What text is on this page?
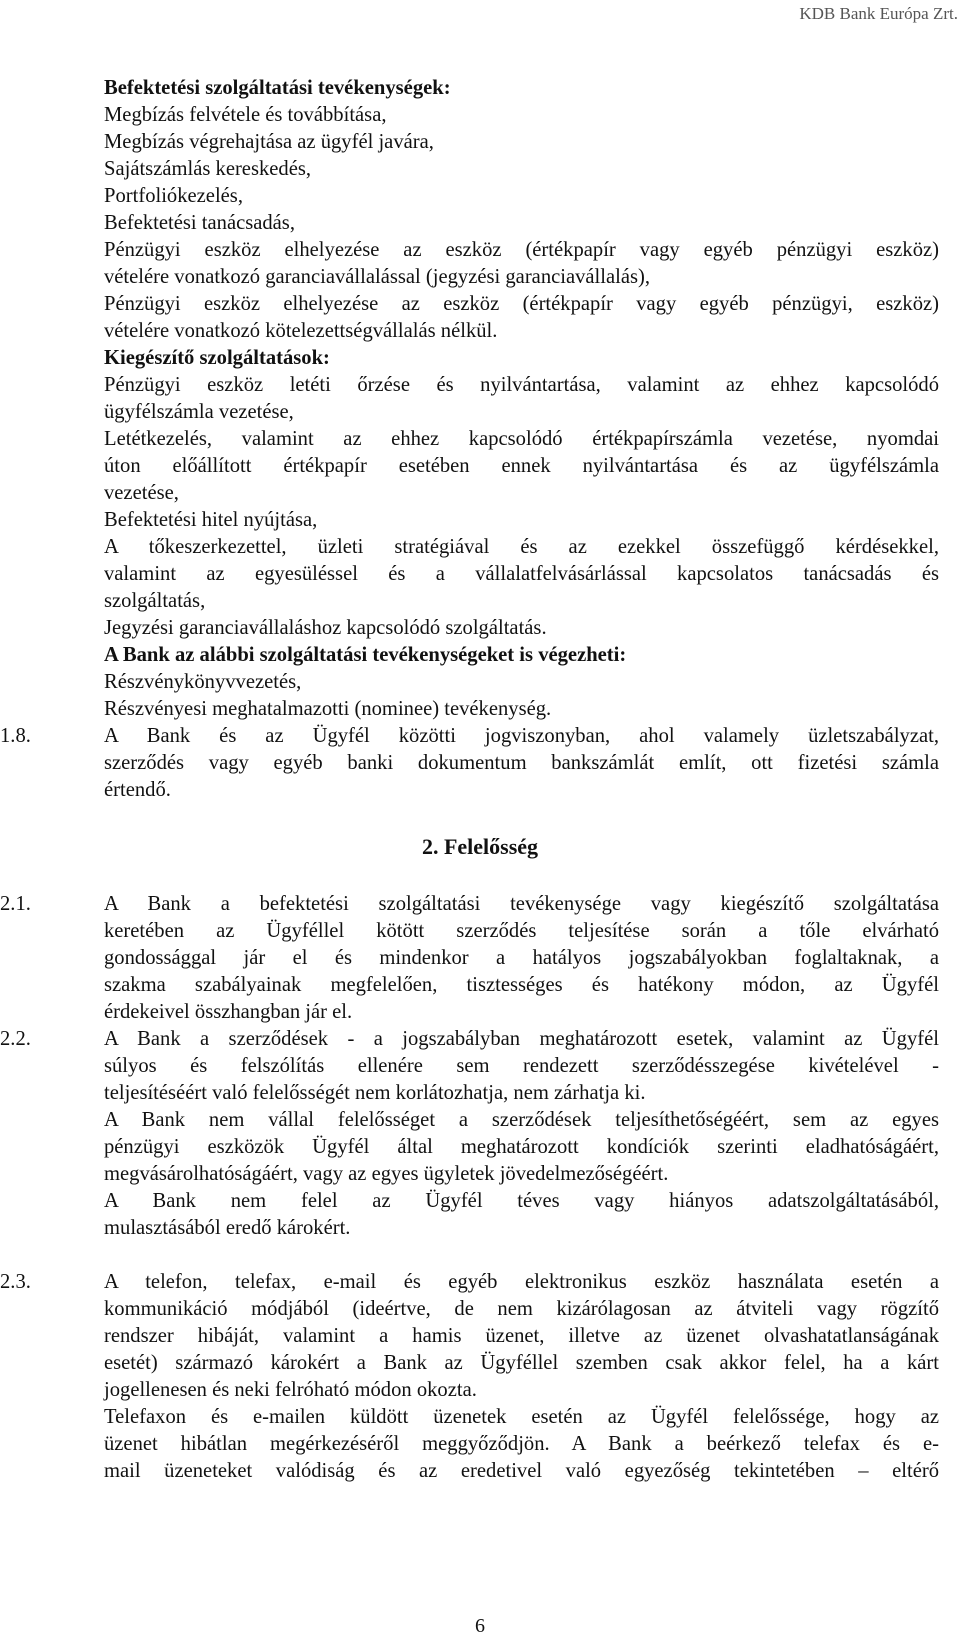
KDB Bank Európa Zrt.
Befektetési szolgáltatási tevékenységek:
Megbízás felvétele és továbbítása,
Megbízás végrehajtása az ügyfél javára,
Sajátszámlás kereskedés,
Portfoliókezelés,
Befektetési tanácsadás,
Pénzügyi eszköz elhelyezése az eszköz (értékpapír vagy egyéb pénzügyi eszköz)
vételére vonatkozó garanciavállalással (jegyzési garanciavállalás),
Pénzügyi eszköz elhelyezése az eszköz (értékpapír vagy egyéb pénzügyi, eszköz)
vételére vonatkozó kötelezettségvállalás nélkül.
Kiegészítő szolgáltatások:
Pénzügyi eszköz letéti őrzése és nyilvántartása, valamint az ehhez kapcsolódó
ügyfélszámla vezetése,
Letétkezelés, valamint az ehhez kapcsolódó értékpapírszámla vezetése, nyomdai
úton előállított értékpapír esetében ennek nyilvántartása és az ügyfélszámla
vezetése,
Befektetési hitel nyújtása,
A tőkeszerkezettel, üzleti stratégiával és az ezekkel összefüggő kérdésekkel,
valamint az egyesüléssel és a vállalatfelvásárlással kapcsolatos tanácsadás és
szolgáltatás,
Jegyzési garanciavállaláshoz kapcsolódó szolgáltatás.
A Bank az alábbi szolgáltatási tevékenységeket is végezheti:
Részvénykönyvvezetés,
Részvényesi meghatalmazotti (nominee) tevékenység.
1.8.	A Bank és az Ügyfél közötti jogviszonyban, ahol valamely üzletszabályzat,
szerződés vagy egyéb banki dokumentum bankszámlát említ, ott fizetési számla
értendő.
2. Felelősség
2.1.	A Bank a befektetési szolgáltatási tevékenysége vagy kiegészítő szolgáltatása
keretében az Ügyféllel kötött szerződés teljesítése során a tőle elvárható
gondossággal jár el és mindenkor a hatályos jogszabályokban foglaltaknak, a
szakma szabályainak megfelelően, tisztességes és hatékony módon, az Ügyfél
érdekeivel összhangban jár el.
2.2.	A Bank a szerződések - a jogszabályban meghatározott esetek, valamint az Ügyfél
súlyos és felszólítás ellenére sem rendezett szerződésszegése kivételével -
teljesítéséért való felelősségét nem korlátozhatja, nem zárhatja ki.
A Bank nem vállal felelősséget a szerződések teljesíthetőségéért, sem az egyes
pénzügyi eszközök Ügyfél által meghatározott kondíciók szerinti eladhatóságáért,
megvásárolhatóságáért, vagy az egyes ügyletek jövedelmezőségéért.
A Bank nem felel az Ügyfél téves vagy hiányos adatszolgáltatásából,
mulasztásából eredő károkért.
2.3.	A telefon, telefax, e-mail és egyéb elektronikus eszköz használata esetén a
kommunikáció módjából (ideértve, de nem kizárólagosan az átviteli vagy rögzítő
rendszer hibáját, valamint a hamis üzenet, illetve az üzenet olvashatatlanságának
esetét) származó károkért a Bank az Ügyféllel szemben csak akkor felel, ha a kárt
jogellenesen és neki felróható módon okozta.
Telefaxon és e-mailen küldött üzenetek esetén az Ügyfél felelőssége, hogy az
üzenet hibátlan megérkezéséről meggyőződjön. A Bank a beérkező telefax és e-
mail üzeneteket valódiság és az eredetivel való egyezőség tekintetében – eltérő
6
